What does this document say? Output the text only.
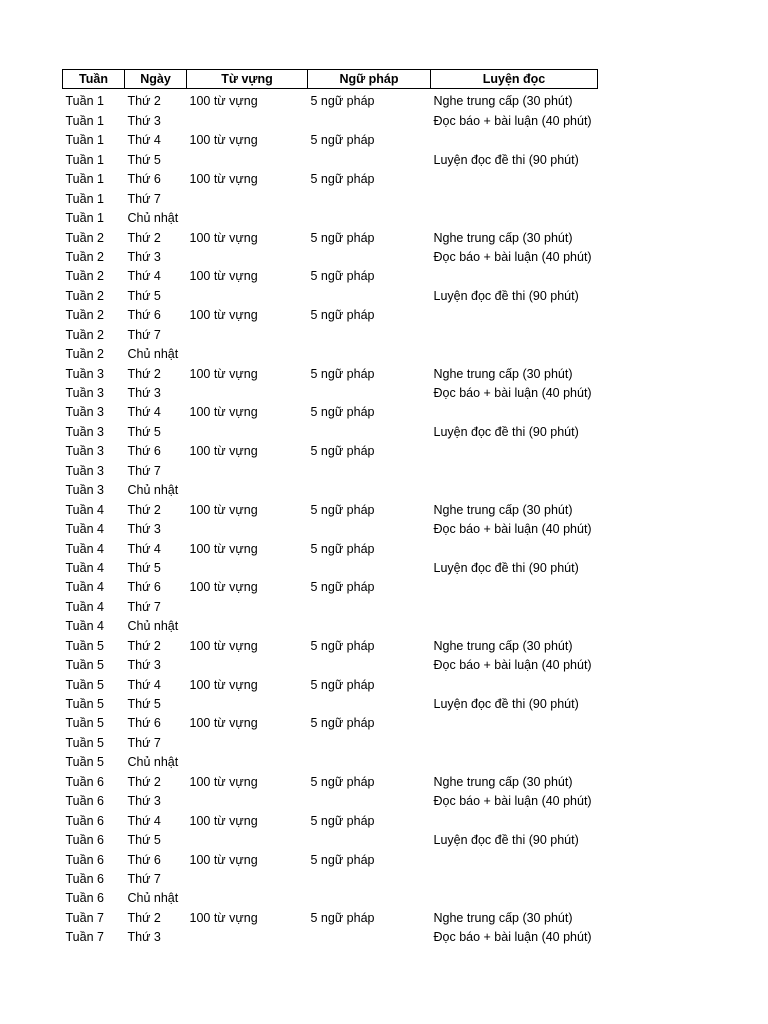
Tuần	Ngày	Từ vựng	Ngữ pháp	Luyện đọc
Tuần 1	Thứ 2	100 từ vựng	5 ngữ pháp	Nghe trung cấp (30 phút)
Tuần 1	Thứ 3			Đọc báo + bài luận (40 phút)
Tuần 1	Thứ 4	100 từ vựng	5 ngữ pháp	
Tuần 1	Thứ 5			Luyện đọc đề thi (90 phút)
Tuần 1	Thứ 6	100 từ vựng	5 ngữ pháp	
Tuần 1	Thứ 7			
Tuần 1	Chủ nhật			
Tuần 2	Thứ 2	100 từ vựng	5 ngữ pháp	Nghe trung cấp (30 phút)
Tuần 2	Thứ 3			Đọc báo + bài luận (40 phút)
Tuần 2	Thứ 4	100 từ vựng	5 ngữ pháp	
Tuần 2	Thứ 5			Luyện đọc đề thi (90 phút)
Tuần 2	Thứ 6	100 từ vựng	5 ngữ pháp	
Tuần 2	Thứ 7			
Tuần 2	Chủ nhật			
Tuần 3	Thứ 2	100 từ vựng	5 ngữ pháp	Nghe trung cấp (30 phút)
Tuần 3	Thứ 3			Đọc báo + bài luận (40 phút)
Tuần 3	Thứ 4	100 từ vựng	5 ngữ pháp	
Tuần 3	Thứ 5			Luyện đọc đề thi (90 phút)
Tuần 3	Thứ 6	100 từ vựng	5 ngữ pháp	
Tuần 3	Thứ 7			
Tuần 3	Chủ nhật			
Tuần 4	Thứ 2	100 từ vựng	5 ngữ pháp	Nghe trung cấp (30 phút)
Tuần 4	Thứ 3			Đọc báo + bài luận (40 phút)
Tuần 4	Thứ 4	100 từ vựng	5 ngữ pháp	
Tuần 4	Thứ 5			Luyện đọc đề thi (90 phút)
Tuần 4	Thứ 6	100 từ vựng	5 ngữ pháp	
Tuần 4	Thứ 7			
Tuần 4	Chủ nhật			
Tuần 5	Thứ 2	100 từ vựng	5 ngữ pháp	Nghe trung cấp (30 phút)
Tuần 5	Thứ 3			Đọc báo + bài luận (40 phút)
Tuần 5	Thứ 4	100 từ vựng	5 ngữ pháp	
Tuần 5	Thứ 5			Luyện đọc đề thi (90 phút)
Tuần 5	Thứ 6	100 từ vựng	5 ngữ pháp	
Tuần 5	Thứ 7			
Tuần 5	Chủ nhật			
Tuần 6	Thứ 2	100 từ vựng	5 ngữ pháp	Nghe trung cấp (30 phút)
Tuần 6	Thứ 3			Đọc báo + bài luận (40 phút)
Tuần 6	Thứ 4	100 từ vựng	5 ngữ pháp	
Tuần 6	Thứ 5			Luyện đọc đề thi (90 phút)
Tuần 6	Thứ 6	100 từ vựng	5 ngữ pháp	
Tuần 6	Thứ 7			
Tuần 6	Chủ nhật			
Tuần 7	Thứ 2	100 từ vựng	5 ngữ pháp	Nghe trung cấp (30 phút)
Tuần 7	Thứ 3			Đọc báo + bài luận (40 phút)
